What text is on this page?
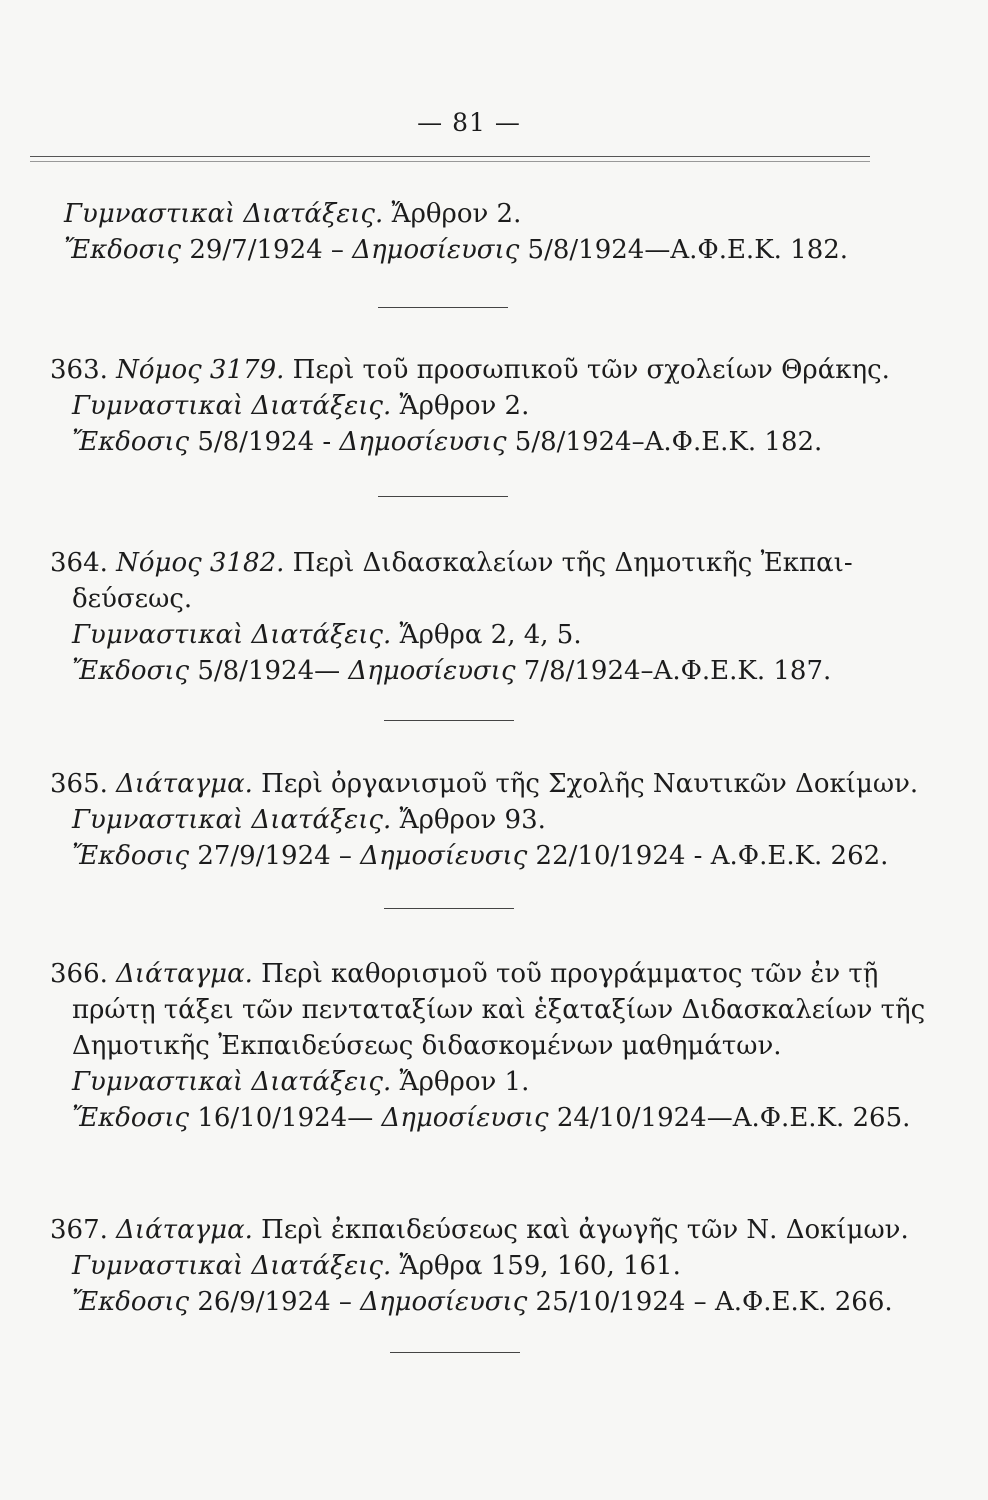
— 81 —
Γυμναστικαὶ Διατάξεις. Ἄρθρον 2.
Ἔκδοσις 29/7/1924 – Δημοσίευσις 5/8/1924—Α.Φ.Ε.Κ. 182.
363. Νόμος 3179. Περὶ τοῦ προσωπικοῦ τῶν σχολείων Θράκης.
Γυμναστικαὶ Διατάξεις. Ἄρθρον 2.
Ἔκδοσις 5/8/1924 - Δημοσίευσις 5/8/1924–Α.Φ.Ε.Κ. 182.
364. Νόμος 3182. Περὶ Διδασκαλείων τῆς Δημοτικῆς Ἐκπαι-
δεύσεως.
Γυμναστικαὶ Διατάξεις. Ἄρθρα 2, 4, 5.
Ἔκδοσις 5/8/1924— Δημοσίευσις 7/8/1924–Α.Φ.Ε.Κ. 187.
365. Διάταγμα. Περὶ ὀργανισμοῦ τῆς Σχολῆς Ναυτικῶν Δοκίμων.
Γυμναστικαὶ Διατάξεις. Ἄρθρον 93.
Ἔκδοσις 27/9/1924 – Δημοσίευσις 22/10/1924 - Α.Φ.Ε.Κ. 262.
366. Διάταγμα. Περὶ καθορισμοῦ τοῦ προγράμματος τῶν ἐν τῇ
πρώτῃ τάξει τῶν πενταταξίων καὶ ἑξαταξίων Διδασκαλείων τῆς
Δημοτικῆς Ἐκπαιδεύσεως διδασκομένων μαθημάτων.
Γυμναστικαὶ Διατάξεις. Ἄρθρον 1.
Ἔκδοσις 16/10/1924— Δημοσίευσις 24/10/1924—Α.Φ.Ε.Κ. 265.
367. Διάταγμα. Περὶ ἐκπαιδεύσεως καὶ ἀγωγῆς τῶν Ν. Δοκίμων.
Γυμναστικαὶ Διατάξεις. Ἄρθρα 159, 160, 161.
Ἔκδοσις 26/9/1924 – Δημοσίευσις 25/10/1924 – Α.Φ.Ε.Κ. 266.
